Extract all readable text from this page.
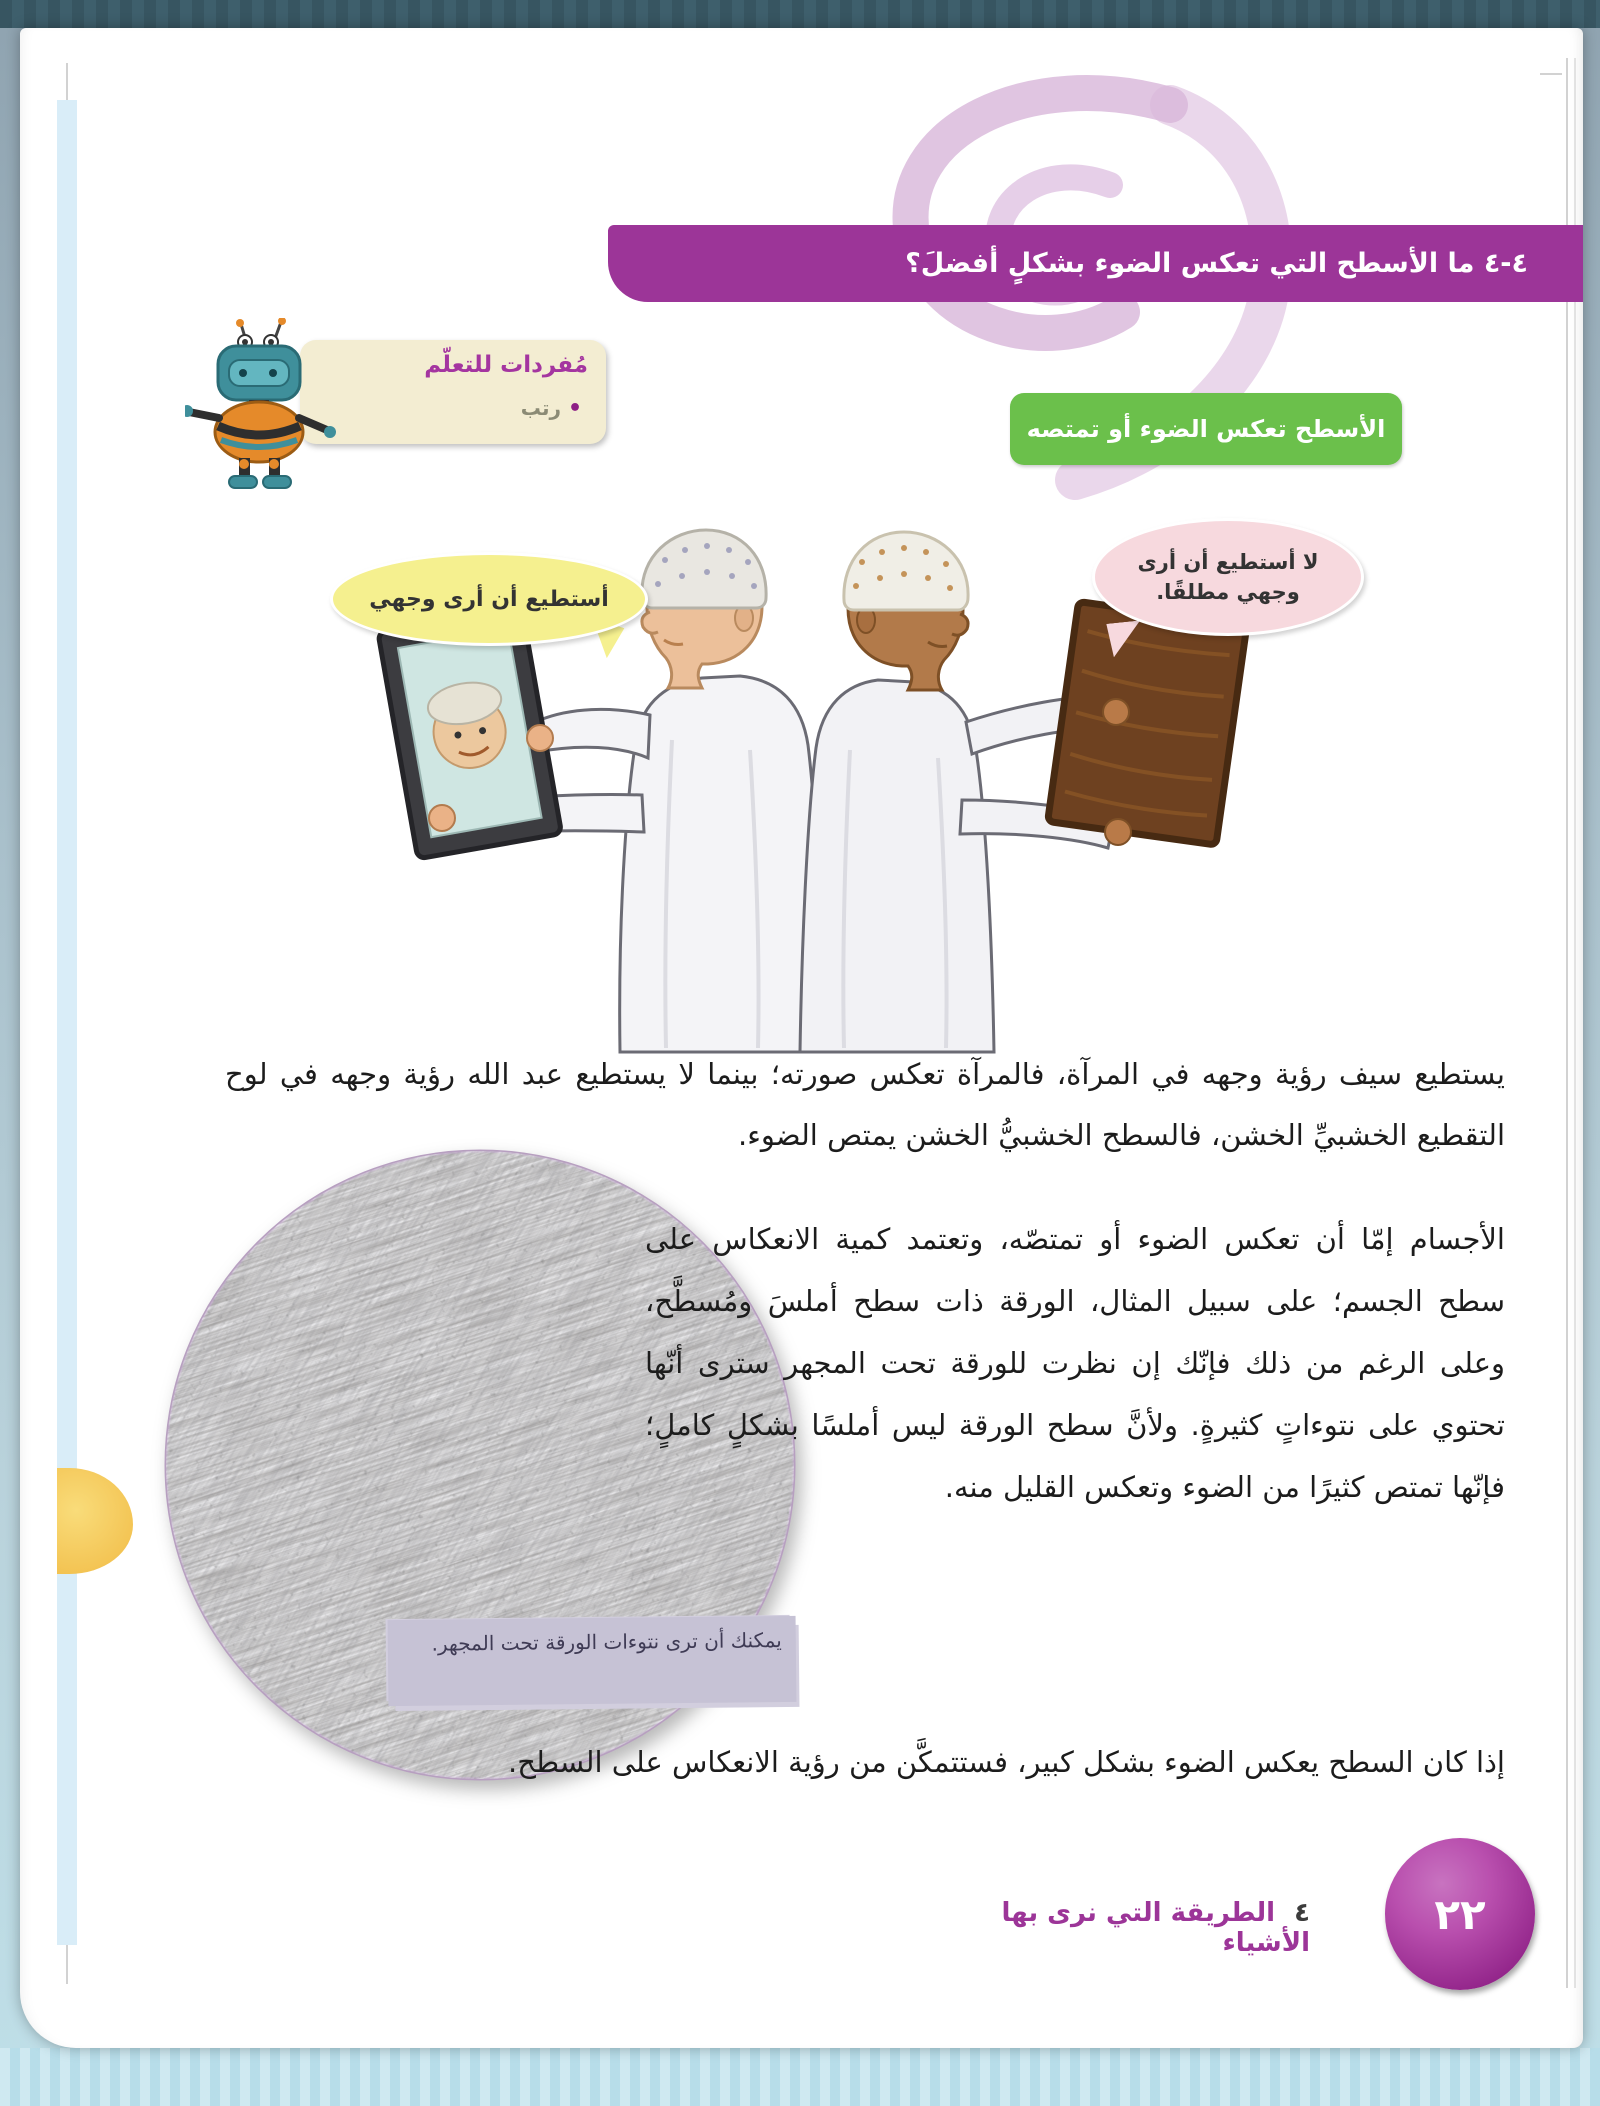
٤-٤ ما الأسطح التي تعكس الضوء بشكلٍ أفضلَ؟
الأسطح تعكس الضوء أو تمتصه
مُفردات للتعلّم
• رتب
أستطيع أن أرى وجهي
لا أستطيع أن أرى وجهي مطلقًا.
يستطيع سيف رؤية وجهه في المرآة، فالمرآة تعكس صورته؛ بينما لا يستطيع عبد الله رؤية وجهه في لوح التقطيع الخشبيِّ الخشن، فالسطح الخشبيُّ الخشن يمتص الضوء.
الأجسام إمّا أن تعكس الضوء أو تمتصّه، وتعتمد كمية الانعكاس على سطح الجسم؛ على سبيل المثال، الورقة ذات سطح أملسَ ومُسطَّح، وعلى الرغم من ذلك فإنّك إن نظرت للورقة تحت المجهر سترى أنّها تحتوي على نتوءاتٍ كثيرةٍ. ولأنَّ سطح الورقة ليس أملسًا بشكلٍ كاملٍ؛ فإنّها تمتص كثيرًا من الضوء وتعكس القليل منه.
يمكنك أن ترى نتوءات الورقة تحت المجهر.
إذا كان السطح يعكس الضوء بشكل كبير، فستتمكَّن من رؤية الانعكاس على السطح.
٤ الطريقة التي نرى بها الأشياء
٢٢
